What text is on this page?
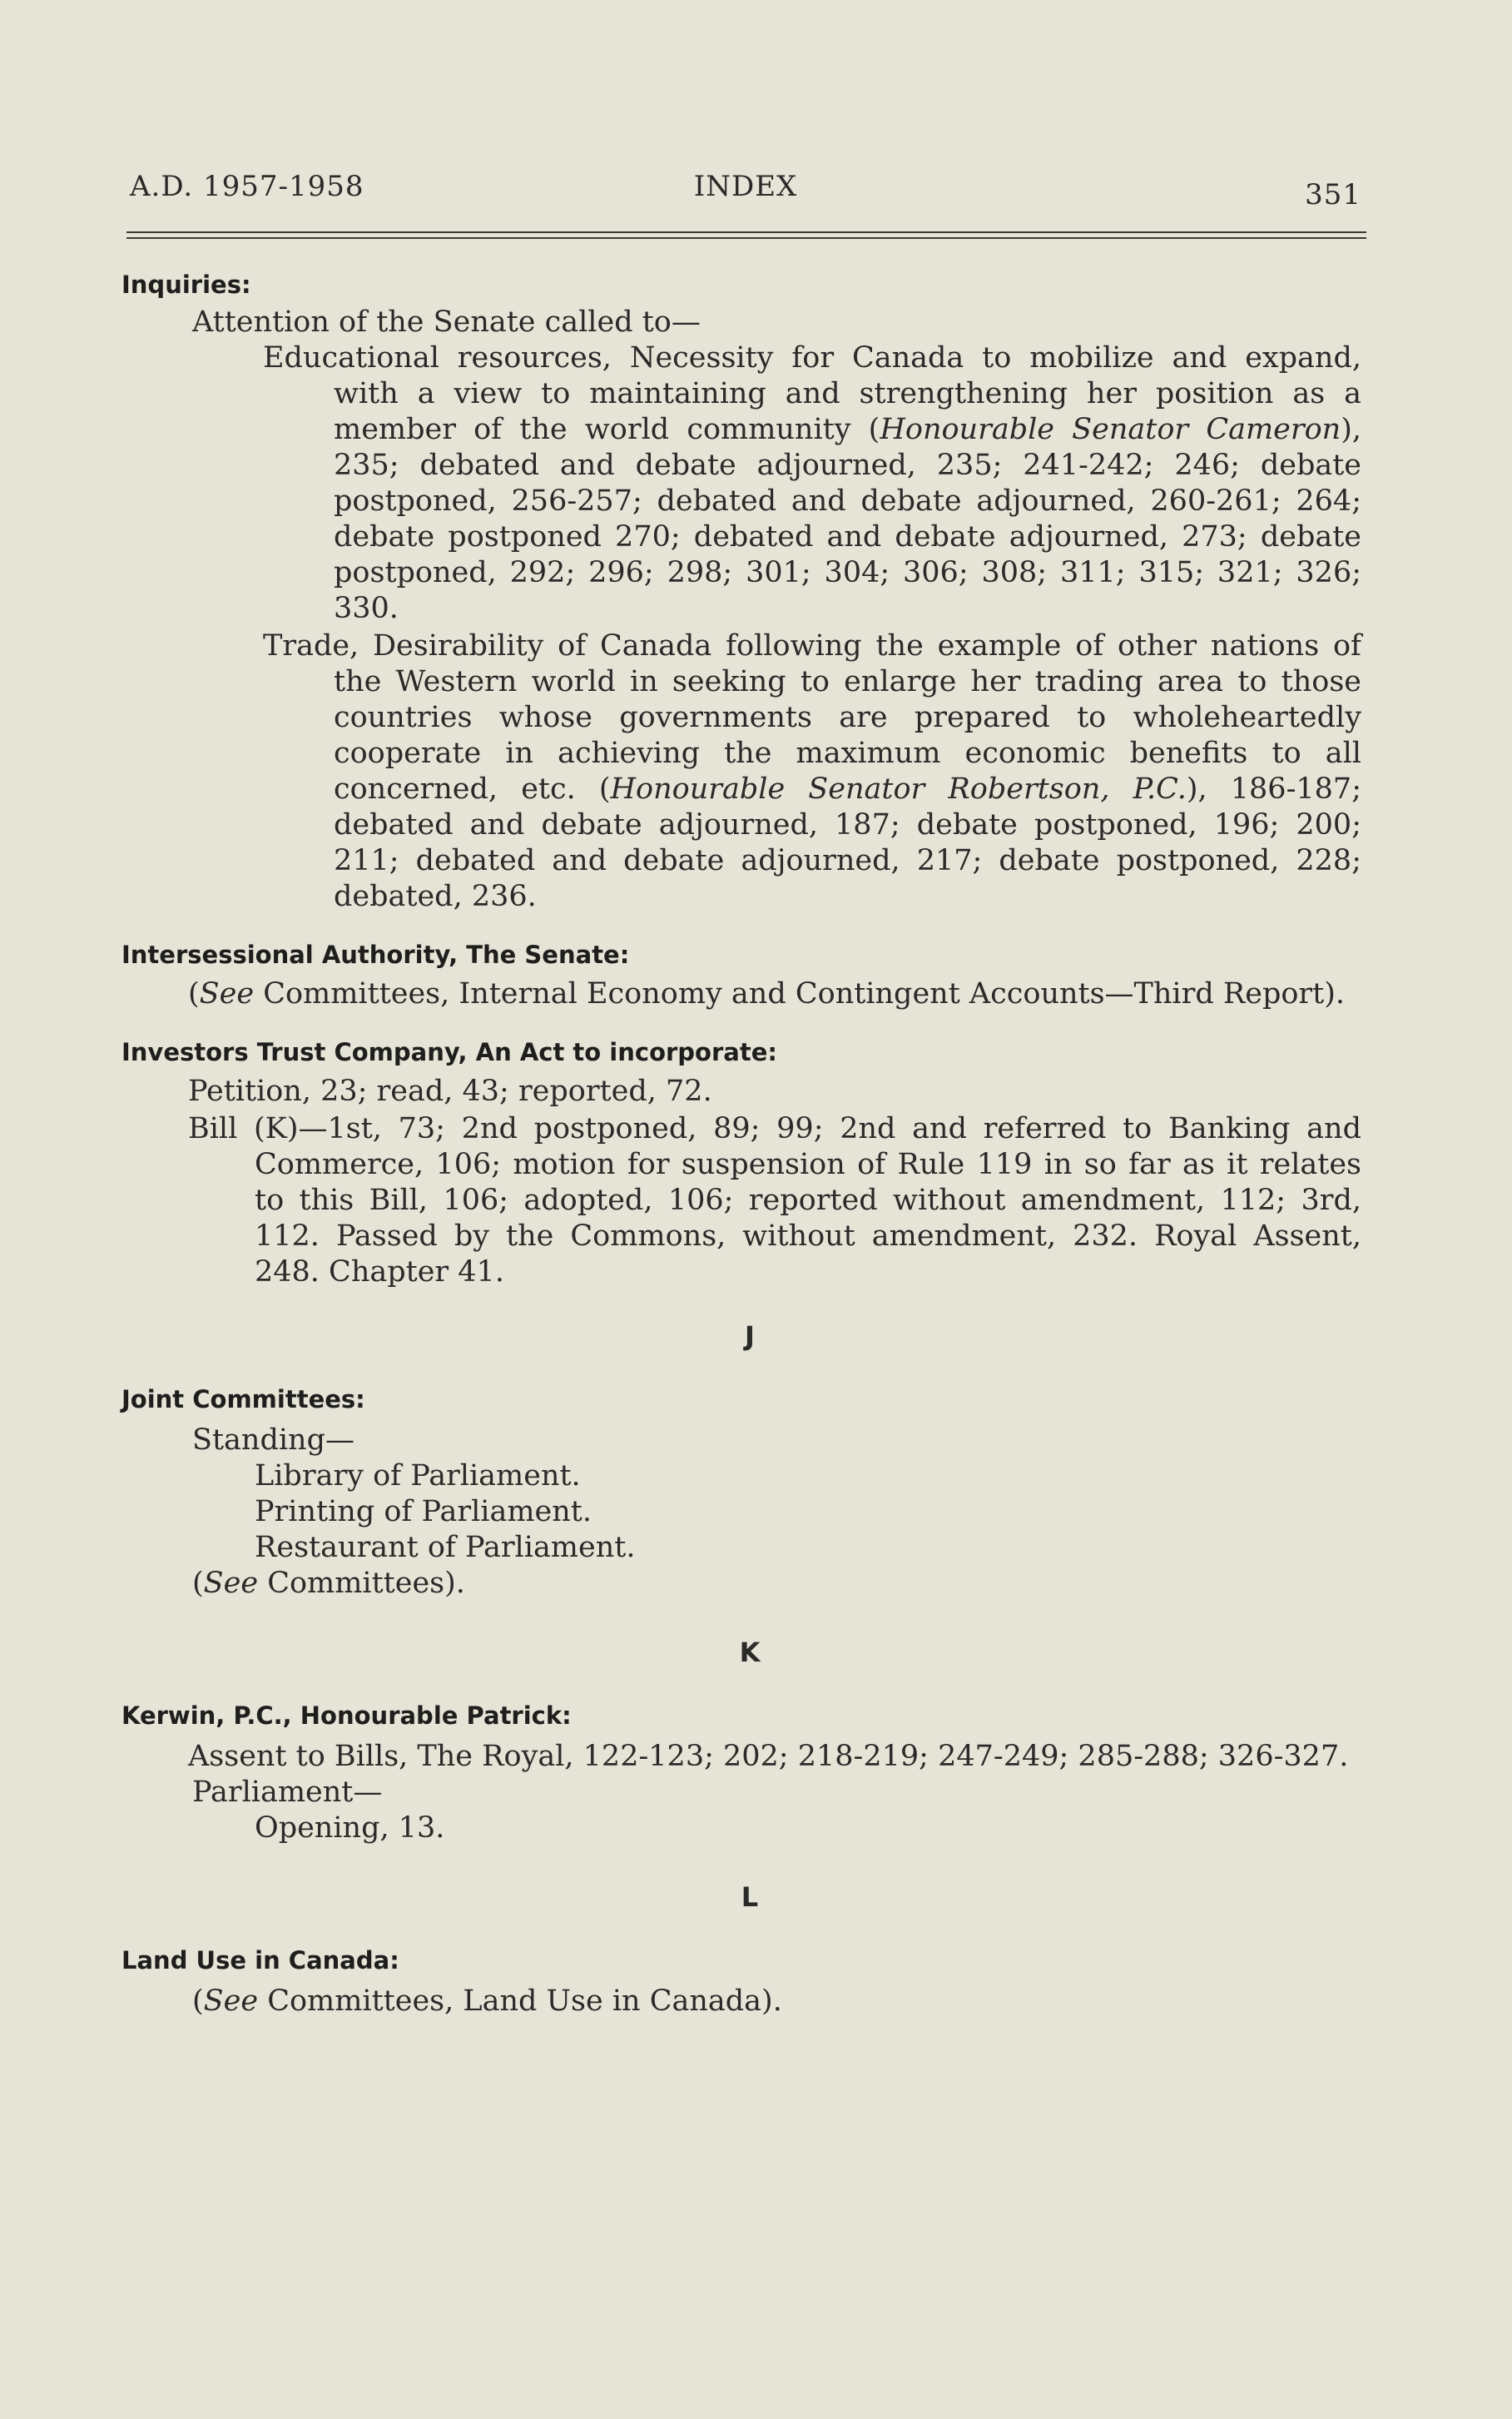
A.D. 1957-1958	INDEX	351
Inquiries:
Attention of the Senate called to—
Educational resources, Necessity for Canada to mobilize and expand, with a view to maintaining and strengthening her position as a member of the world community (Honourable Senator Cameron), 235; debated and debate adjourned, 235; 241-242; 246; debate postponed, 256-257; debated and debate adjourned, 260-261; 264; debate postponed 270; debated and debate adjourned, 273; debate postponed, 292; 296; 298; 301; 304; 306; 308; 311; 315; 321; 326; 330.
Trade, Desirability of Canada following the example of other nations of the Western world in seeking to enlarge her trading area to those countries whose governments are prepared to wholeheartedly cooperate in achieving the maximum economic benefits to all concerned, etc. (Honourable Senator Robertson, P.C.), 186-187; debated and debate adjourned, 187; debate postponed, 196; 200; 211; debated and debate adjourned, 217; debate postponed, 228; debated, 236.
Intersessional Authority, The Senate:
(See Committees, Internal Economy and Contingent Accounts—Third Report).
Investors Trust Company, An Act to incorporate:
Petition, 23; read, 43; reported, 72.
Bill (K)—1st, 73; 2nd postponed, 89; 99; 2nd and referred to Banking and Commerce, 106; motion for suspension of Rule 119 in so far as it relates to this Bill, 106; adopted, 106; reported without amendment, 112; 3rd, 112. Passed by the Commons, without amendment, 232. Royal Assent, 248. Chapter 41.
J
Joint Committees:
Standing—
Library of Parliament.
Printing of Parliament.
Restaurant of Parliament.
(See Committees).
K
Kerwin, P.C., Honourable Patrick:
Assent to Bills, The Royal, 122-123; 202; 218-219; 247-249; 285-288; 326-327.
Parliament—
Opening, 13.
L
Land Use in Canada:
(See Committees, Land Use in Canada).
